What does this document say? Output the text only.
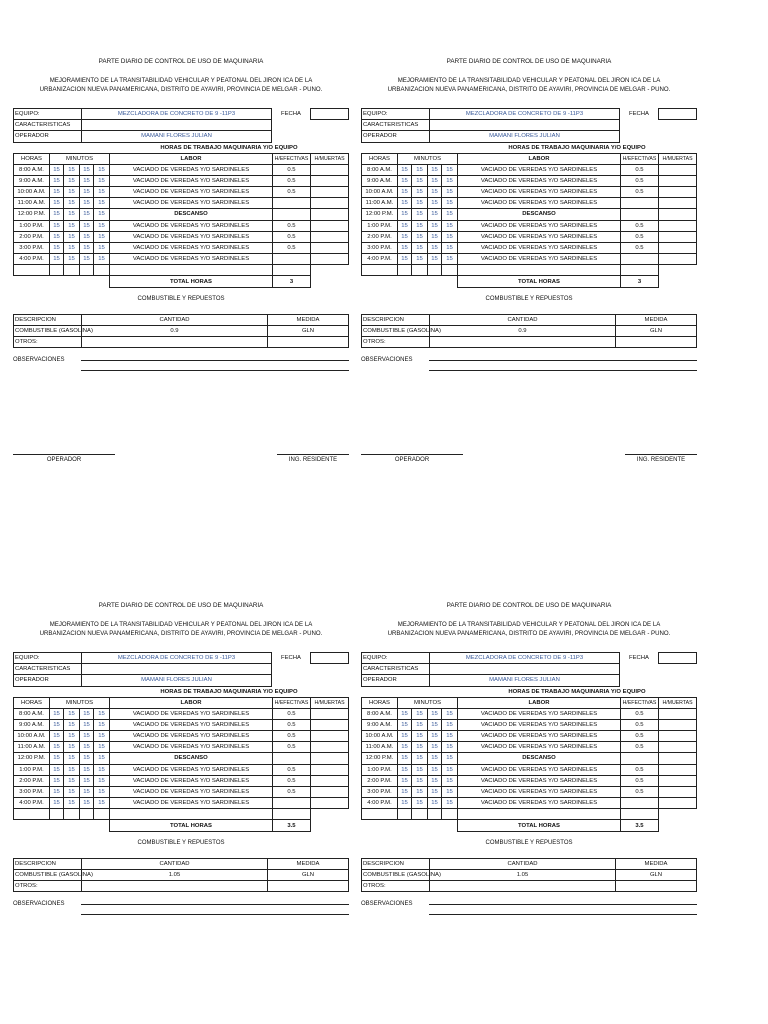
PARTE DIARIO DE CONTROL DE USO DE MAQUINARIA
MEJORAMIENTO DE LA TRANSITABILIDAD VEHICULAR Y PEATONAL DEL JIRON ICA DE LA
URBANIZACION NUEVA PANAMERICANA, DISTRITO DE AYAVIRI, PROVINCIA DE MELGAR - PUNO.
EQUIPO:	MEZCLADORA DE CONCRETO DE 9 -11P3	FECHA	
CARACTERISTICAS			
OPERADOR	MAMANI FLORES JULIAN		
					HORAS DE TRABAJO MAQUINARIA Y/O EQUIPO		
HORAS	MINUTOS				LABOR	H/EFECTIVAS	H/MUERTAS
8:00 A.M.	15	15	15	15	VACIADO DE VEREDAS Y/O SARDINELES	0.5	
9:00 A.M.	15	15	15	15	VACIADO DE VEREDAS Y/O SARDINELES	0.5	
10:00 A.M.	15	15	15	15	VACIADO DE VEREDAS Y/O SARDINELES	0.5	
11:00 A.M.	15	15	15	15	VACIADO DE VEREDAS Y/O SARDINELES		
12:00 P.M.	15	15	15	15	DESCANSO		
1:00 P.M.	15	15	15	15	VACIADO DE VEREDAS Y/O SARDINELES	0.5	
2:00 P.M.	15	15	15	15	VACIADO DE VEREDAS Y/O SARDINELES	0.5	
3:00 P.M.	15	15	15	15	VACIADO DE VEREDAS Y/O SARDINELES	0.5	
4:00 P.M.	15	15	15	15	VACIADO DE VEREDAS Y/O SARDINELES		

					TOTAL HORAS	3	
COMBUSTIBLE Y REPUESTOS
DESCRIPCION	CANTIDAD	MEDIDA
COMBUSTIBLE (GASOLINA)	0.9	GLN
OTROS:		
OBSERVACIONES
OPERADOR	ING. RESIDENTE
PARTE DIARIO DE CONTROL DE USO DE MAQUINARIA
MEJORAMIENTO DE LA TRANSITABILIDAD VEHICULAR Y PEATONAL DEL JIRON ICA DE LA
URBANIZACION NUEVA PANAMERICANA, DISTRITO DE AYAVIRI, PROVINCIA DE MELGAR - PUNO.
EQUIPO:	MEZCLADORA DE CONCRETO DE 9 -11P3	FECHA	
CARACTERISTICAS			
OPERADOR	MAMANI FLORES JULIAN		
					HORAS DE TRABAJO MAQUINARIA Y/O EQUIPO		
HORAS	MINUTOS				LABOR	H/EFECTIVAS	H/MUERTAS
8:00 A.M.	15	15	15	15	VACIADO DE VEREDAS Y/O SARDINELES	0.5	
9:00 A.M.	15	15	15	15	VACIADO DE VEREDAS Y/O SARDINELES	0.5	
10:00 A.M.	15	15	15	15	VACIADO DE VEREDAS Y/O SARDINELES	0.5	
11:00 A.M.	15	15	15	15	VACIADO DE VEREDAS Y/O SARDINELES		
12:00 P.M.	15	15	15	15	DESCANSO		
1:00 P.M.	15	15	15	15	VACIADO DE VEREDAS Y/O SARDINELES	0.5	
2:00 P.M.	15	15	15	15	VACIADO DE VEREDAS Y/O SARDINELES	0.5	
3:00 P.M.	15	15	15	15	VACIADO DE VEREDAS Y/O SARDINELES	0.5	
4:00 P.M.	15	15	15	15	VACIADO DE VEREDAS Y/O SARDINELES		

					TOTAL HORAS	3	
COMBUSTIBLE Y REPUESTOS
DESCRIPCION	CANTIDAD	MEDIDA
COMBUSTIBLE (GASOLINA)	0.9	GLN
OTROS:		
OBSERVACIONES
OPERADOR	ING. RESIDENTE
PARTE DIARIO DE CONTROL DE USO DE MAQUINARIA
MEJORAMIENTO DE LA TRANSITABILIDAD VEHICULAR Y PEATONAL DEL JIRON ICA DE LA
URBANIZACION NUEVA PANAMERICANA, DISTRITO DE AYAVIRI, PROVINCIA DE MELGAR - PUNO.
EQUIPO:	MEZCLADORA DE CONCRETO DE 9 -11P3	FECHA	
CARACTERISTICAS			
OPERADOR	MAMANI FLORES JULIAN		
					HORAS DE TRABAJO MAQUINARIA Y/O EQUIPO		
HORAS	MINUTOS				LABOR	H/EFECTIVAS	H/MUERTAS
8:00 A.M.	15	15	15	15	VACIADO DE VEREDAS Y/O SARDINELES	0.5	
9:00 A.M.	15	15	15	15	VACIADO DE VEREDAS Y/O SARDINELES	0.5	
10:00 A.M.	15	15	15	15	VACIADO DE VEREDAS Y/O SARDINELES	0.5	
11:00 A.M.	15	15	15	15	VACIADO DE VEREDAS Y/O SARDINELES	0.5	
12:00 P.M.	15	15	15	15	DESCANSO		
1:00 P.M.	15	15	15	15	VACIADO DE VEREDAS Y/O SARDINELES	0.5	
2:00 P.M.	15	15	15	15	VACIADO DE VEREDAS Y/O SARDINELES	0.5	
3:00 P.M.	15	15	15	15	VACIADO DE VEREDAS Y/O SARDINELES	0.5	
4:00 P.M.	15	15	15	15	VACIADO DE VEREDAS Y/O SARDINELES		

					TOTAL HORAS	3.5	
COMBUSTIBLE Y REPUESTOS
DESCRIPCION	CANTIDAD	MEDIDA
COMBUSTIBLE (GASOLINA)	1.05	GLN
OTROS:		
OBSERVACIONES
PARTE DIARIO DE CONTROL DE USO DE MAQUINARIA
MEJORAMIENTO DE LA TRANSITABILIDAD VEHICULAR Y PEATONAL DEL JIRON ICA DE LA
URBANIZACION NUEVA PANAMERICANA, DISTRITO DE AYAVIRI, PROVINCIA DE MELGAR - PUNO.
EQUIPO:	MEZCLADORA DE CONCRETO DE 9 -11P3	FECHA	
CARACTERISTICAS			
OPERADOR	MAMANI FLORES JULIAN		
					HORAS DE TRABAJO MAQUINARIA Y/O EQUIPO		
HORAS	MINUTOS				LABOR	H/EFECTIVAS	H/MUERTAS
8:00 A.M.	15	15	15	15	VACIADO DE VEREDAS Y/O SARDINELES	0.5	
9:00 A.M.	15	15	15	15	VACIADO DE VEREDAS Y/O SARDINELES	0.5	
10:00 A.M.	15	15	15	15	VACIADO DE VEREDAS Y/O SARDINELES	0.5	
11:00 A.M.	15	15	15	15	VACIADO DE VEREDAS Y/O SARDINELES	0.5	
12:00 P.M.	15	15	15	15	DESCANSO		
1:00 P.M.	15	15	15	15	VACIADO DE VEREDAS Y/O SARDINELES	0.5	
2:00 P.M.	15	15	15	15	VACIADO DE VEREDAS Y/O SARDINELES	0.5	
3:00 P.M.	15	15	15	15	VACIADO DE VEREDAS Y/O SARDINELES	0.5	
4:00 P.M.	15	15	15	15	VACIADO DE VEREDAS Y/O SARDINELES		

					TOTAL HORAS	3.5	
COMBUSTIBLE Y REPUESTOS
DESCRIPCION	CANTIDAD	MEDIDA
COMBUSTIBLE (GASOLINA)	1.05	GLN
OTROS:		
OBSERVACIONES
